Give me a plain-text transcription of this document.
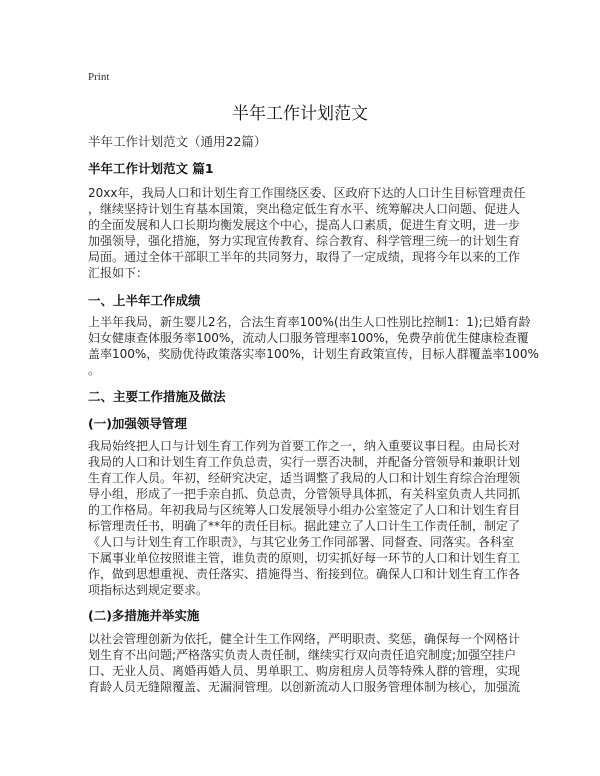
Print
半年工作计划范文
半年工作计划范文（通用22篇）
半年工作计划范文 篇1
20xx年，我局人口和计划生育工作围绕区委、区政府下达的人口计生目标管理责任
，继续坚持计划生育基本国策，突出稳定低生育水平、统筹解决人口问题、促进人
的全面发展和人口长期均衡发展这个中心，提高人口素质，促进生育文明，进一步
加强领导，强化措施，努力实现宣传教育、综合教育、科学管理三统一的计划生育
局面。通过全体干部职工半年的共同努力，取得了一定成绩，现将今年以来的工作
汇报如下：
一、上半年工作成绩
上半年我局，新生婴儿2名，合法生育率100%(出生人口性别比控制1：1);已婚育龄
妇女健康查体服务率100%，流动人口服务管理率100%，免费孕前优生健康检查覆
盖率100%，奖励优待政策落实率100%，计划生育政策宣传，目标人群覆盖率100%
。
二、主要工作措施及做法
(一)加强领导管理
我局始终把人口与计划生育工作列为首要工作之一，纳入重要议事日程。由局长对
我局的人口和计划生育工作负总责，实行一票否决制，并配备分管领导和兼职计划
生育工作人员。年初，经研究决定，适当调整了我局的人口和计划生育综合治理领
导小组，形成了一把手亲自抓、负总责，分管领导具体抓，有关科室负责人共同抓
的工作格局。年初我局与区统筹人口发展领导小组办公室签定了人口和计划生育目
标管理责任书，明确了**年的责任目标。据此建立了人口计生工作责任制，制定了
《人口与计划生育工作职责》，与其它业务工作同部署、同督查、同落实。各科室
下属事业单位按照谁主管，谁负责的原则，切实抓好每一环节的人口和计划生育工
作，做到思想重视、责任落实、措施得当、衔接到位。确保人口和计划生育工作各
项指标达到规定要求。
(二)多措施并举实施
以社会管理创新为依托，健全计生工作网络，严明职责、奖惩，确保每一个网格计
划生育不出问题;严格落实负责人责任制，继续实行双向责任追究制度;加强空挂户
口、无业人员、离婚再婚人员、男单职工、购房租房人员等特殊人群的管理，实现
育龄人员无缝隙覆盖、无漏洞管理。以创新流动人口服务管理体制为核心，加强流
